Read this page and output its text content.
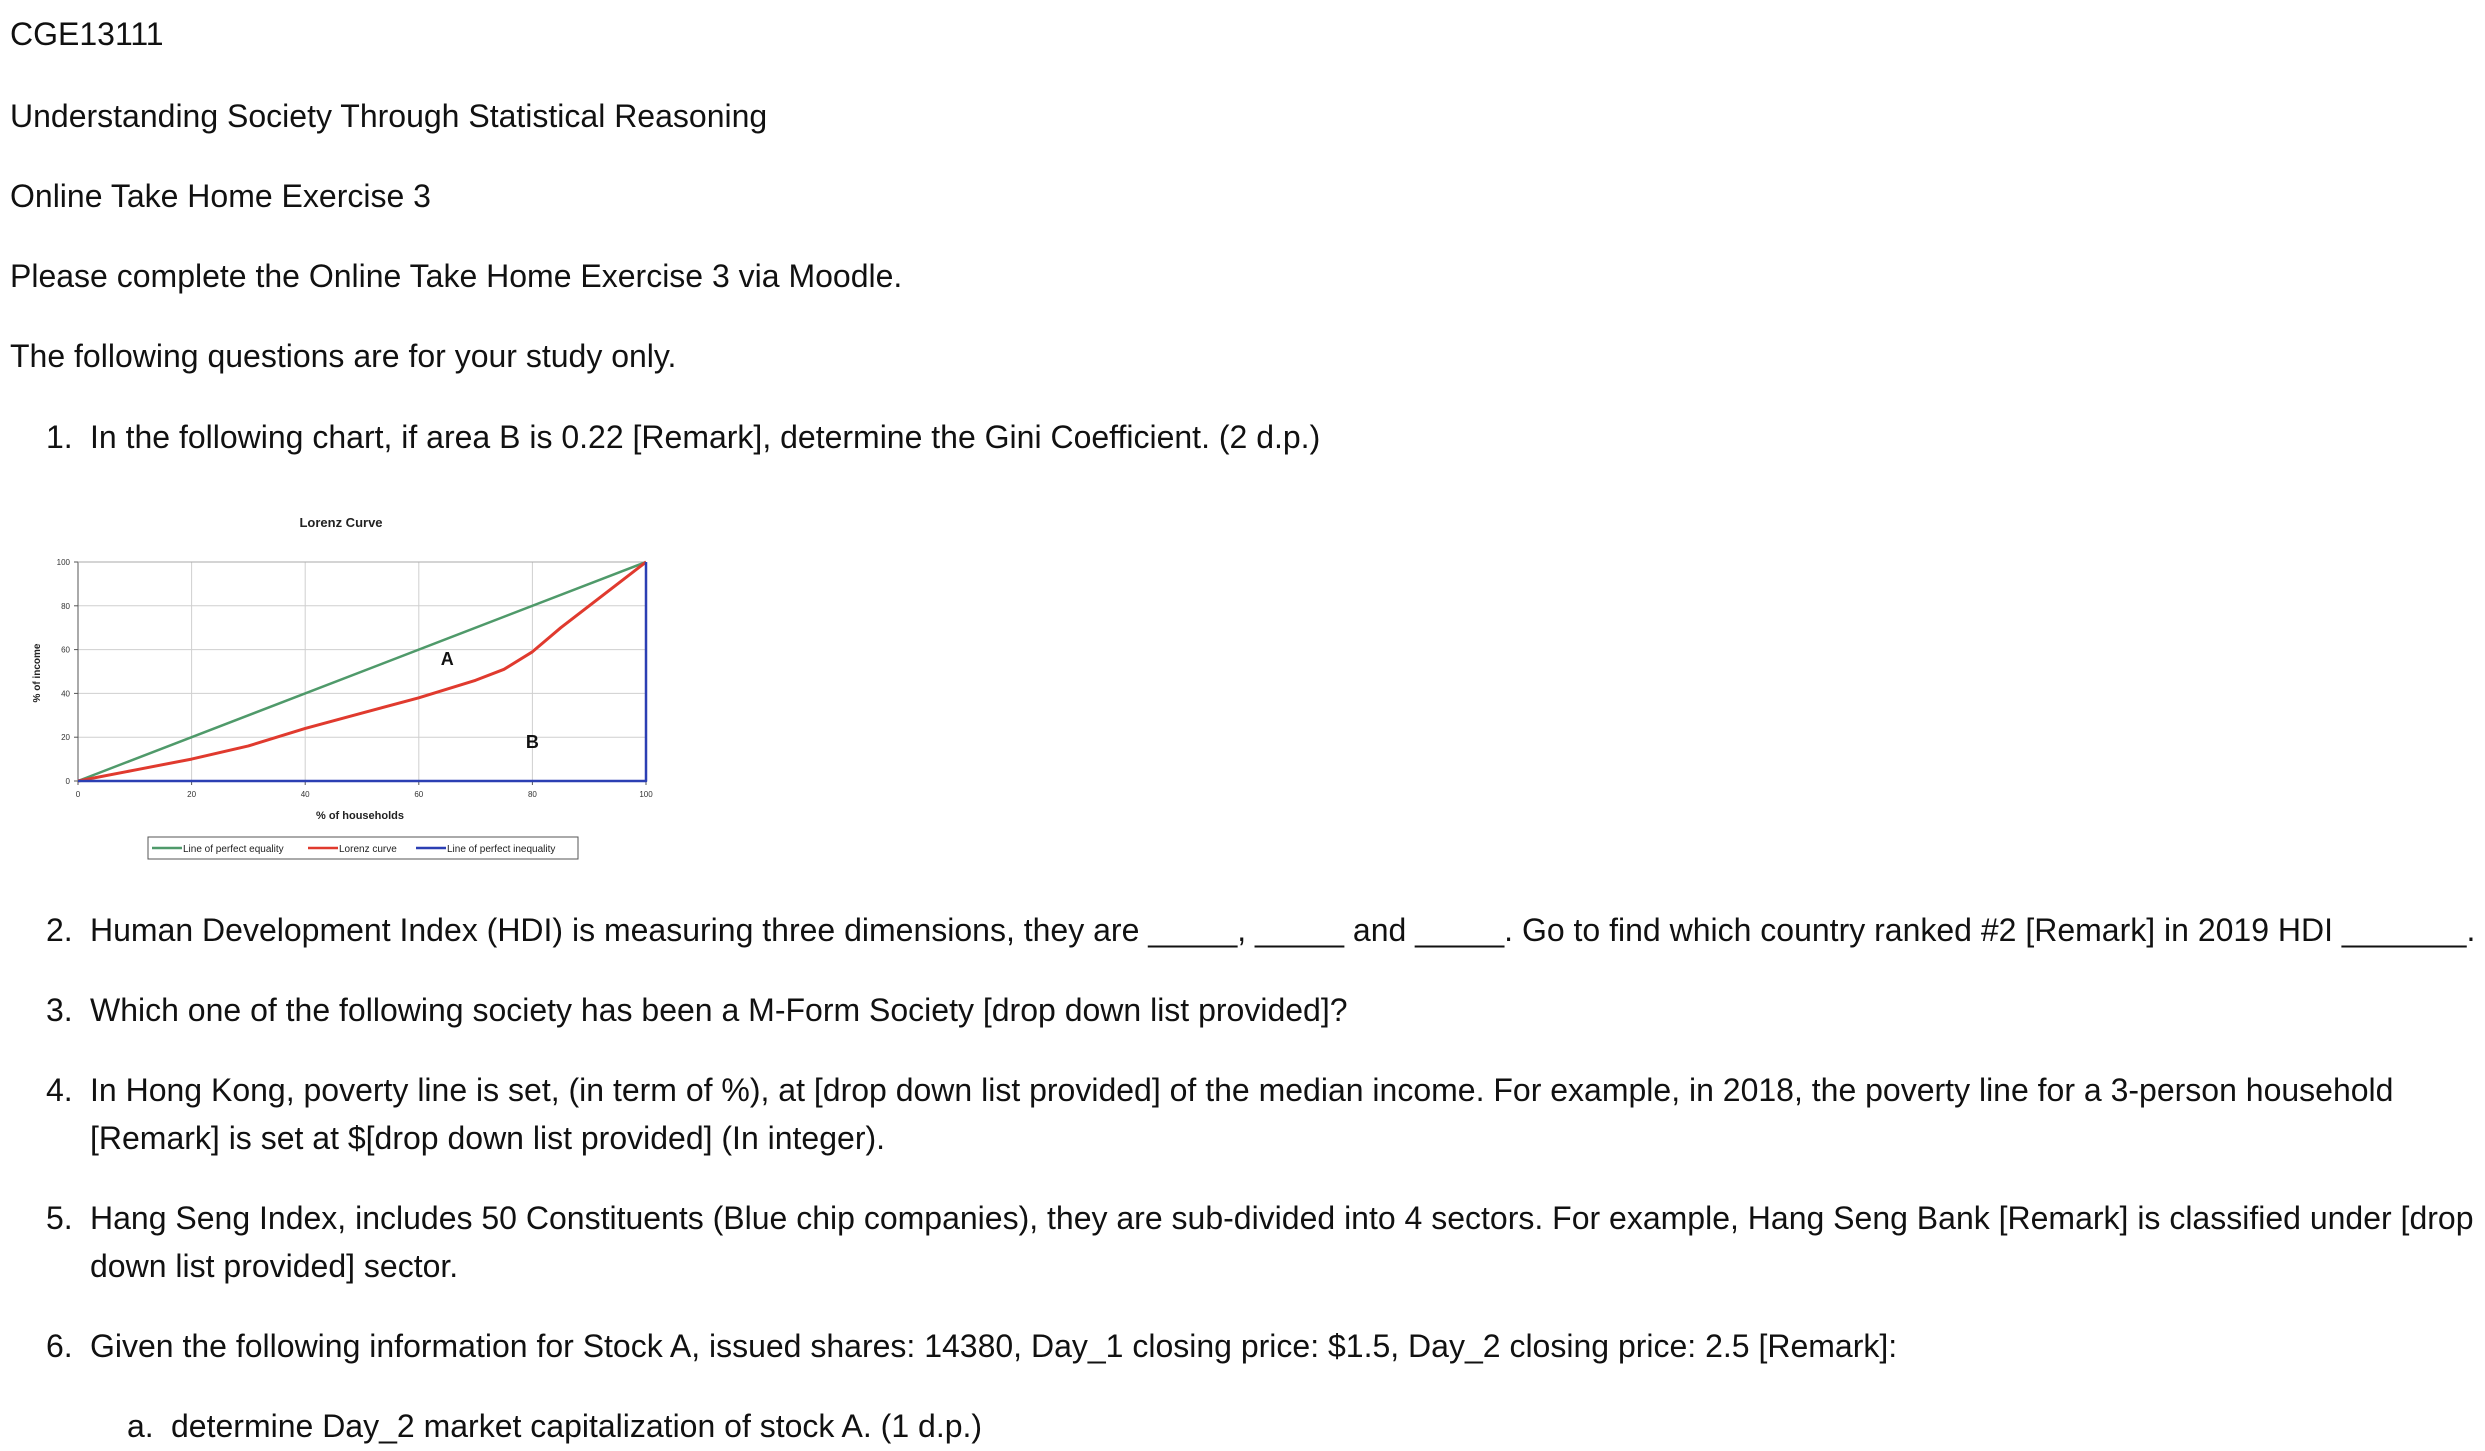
CGE13111
Understanding Society Through Statistical Reasoning
Online Take Home Exercise 3
Please complete the Online Take Home Exercise 3 via Moodle.
The following questions are for your study only.
1. In the following chart, if area B is 0.22 [Remark], determine the Gini Coefficient. (2 d.p.)
Lorenz Curve
0	20	40	60	80	100
0
20
40
60
80
100
A
B
% of income
% of households
Line of perfect equality	Lorenz curve	Line of perfect inequality
2. Human Development Index (HDI) is measuring three dimensions, they are _____, _____ and _____. Go to find which country ranked #2 [Remark] in 2019 HDI _______.
3. Which one of the following society has been a M-Form Society [drop down list provided]?
4. In Hong Kong, poverty line is set, (in term of %), at [drop down list provided] of the median income. For example, in 2018, the poverty line for a 3-person household
[Remark] is set at $[drop down list provided] (In integer).
5. Hang Seng Index, includes 50 Constituents (Blue chip companies), they are sub-divided into 4 sectors. For example, Hang Seng Bank [Remark] is classified under [drop
down list provided] sector.
6. Given the following information for Stock A, issued shares: 14380, Day_1 closing price: $1.5, Day_2 closing price: 2.5 [Remark]:
a. determine Day_2 market capitalization of stock A. (1 d.p.)
